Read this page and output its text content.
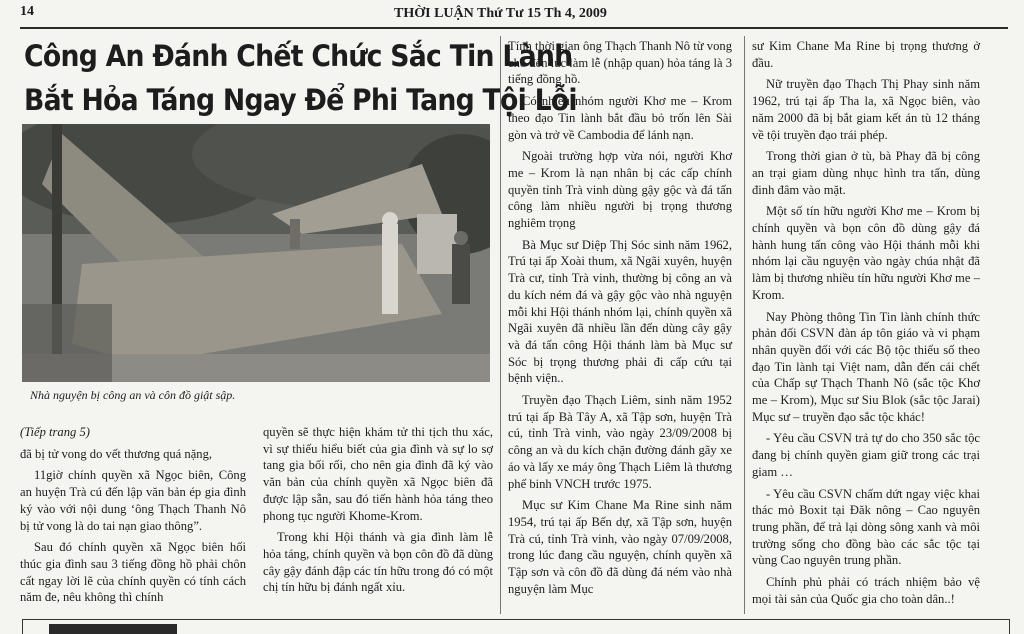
14	THỜI LUẬN Thứ Tư 15 Th 4, 2009
Công An Đánh Chết Chức Sắc Tin Lành
Bắt Hỏa Táng Ngay Để Phi Tang Tội Lỗi
Nhà nguyện bị công an và côn đồ giật sập.

(Tiếp trang 5)

đã bị tử vong do vết thương quá nặng,

11giờ chính quyền xã Ngọc biên, Công an huyện Trà cú đến lập văn bản ép gia đình ký vào với nội dung ‘ông Thạch Thanh Nô bị tử vong là do tai nạn giao thông”.

Sau đó chính quyền xã Ngọc biên hối thúc gia đình sau 3 tiếng đồng hồ phải chôn cất ngay lời lẽ của chính quyền có tính cách năm đe, nêu không thì chính

quyền sẽ thực hiện khám tử thi tịch thu xác, vì sự thiếu hiểu biết của gia đình và sự lo sợ tang gia bối rối, cho nên gia đình đã ký vào văn bản của chính quyền xã Ngọc biên đã được lập sẵn, sau đó tiến hành hỏa táng theo phong tục người Khome-Krom.

Trong khi Hội thánh và gia đình làm lễ hỏa táng, chính quyền và bọn côn đồ đã dùng cây gậy đánh đập các tín hữu trong đó có một chị tín hữu bị đánh ngất xỉu.

Tính thời gian ông Thạch Thanh Nô từ vong cho đến lúc làm lễ (nhập quan) hỏa táng là 3 tiếng đồng hồ.

Có nhiều nhóm người Khơ me – Krom theo đạo Tin lành bắt đầu bỏ trốn lên Sài gòn và trở về Cambodia để lánh nạn.

Ngoài trường hợp vừa nói, người Khơ me – Krom là nạn nhân bị các cấp chính quyền tỉnh Trà vinh dùng gậy gộc và đá tấn công làm nhiều người bị trọng thương nghiêm trọng

Bà Mục sư Diệp Thị Sóc sinh năm 1962, Trú tại ấp Xoài thum, xã Ngãi xuyên, huyện Trà cư, tỉnh Trà vinh, thường bị công an và du kích ném đá và gậy gộc vào nhà nguyện mỗi khi Hội thánh nhóm lại, chính quyền xã Ngãi xuyên đã nhiều lần đến dùng cây gậy và đá tấn công Hội thánh làm bà Mục sư Sóc bị trọng thương phải đi cấp cứu tại bệnh viện..

Truyền đạo Thạch Liêm, sinh năm 1952 trú tại ấp Bà Tây A, xã Tập sơn, huyện Trà cú, tỉnh Trà vinh, vào ngày 23/09/2008 bị công an và du kích chặn đường đánh gãy xe áo và lấy xe máy ông Thạch Liêm là thương phế binh VNCH trước 1975.

Mục sư Kim Chane Ma Rine sinh năm 1954, trú tại ấp Bến dự, xã Tập sơn, huyện Trà cú, tỉnh Trà vinh, vào ngày 07/09/2008, trong lúc đang cầu nguyện, chính quyền xã Tập sơn và côn đồ đã dùng đá ném vào nhà nguyện làm Mục

sư Kim Chane Ma Rine bị trọng thương ở đầu.

Nữ truyền đạo Thạch Thị Phay sinh năm 1962, trú tại ấp Tha la, xã Ngọc biên, vào năm 2000 đã bị bắt giam kết án tù 12 tháng về tội truyền đạo trái phép.

Trong thời gian ở tù, bà Phay đã bị công an trại giam dùng nhục hình tra tấn, dùng đinh đâm vào mặt.

Một số tín hữu người Khơ me – Krom bị chính quyền và bọn côn đồ dùng gậy đá hành hung tấn công vào Hội thánh mỗi khi nhóm lại cầu nguyện vào ngày chúa nhật đã làm bị thương nhiều tín hữu người Khơ me – Krom.

Nay Phòng thông Tin Tin lành chính thức phản đối CSVN đàn áp tôn giáo và vi phạm nhân quyền đối với các Bộ tộc thiểu số theo đạo Tin lành tại Việt nam, dẫn đến cái chết của Chấp sự Thạch Thanh Nô (sắc tộc Khơ me – Krom), Mục sư Siu Blok (sắc tộc Jarai) Mục sư – truyền đạo sắc tộc khác!

- Yêu cầu CSVN trả tự do cho 350 sắc tộc đang bị chính quyền giam giữ trong các trại giam …

- Yêu cầu CSVN chấm dứt ngay việc khai thác mỏ Boxit tại Đăk nông – Cao nguyên trung phần, để trả lại dòng sông xanh và môi trường sống cho đồng bào các sắc tộc tại vùng Cao nguyên trung phần.

Chính phủ phải có trách nhiệm bảo vệ mọi tài sản của Quốc gia cho toàn dân..!
